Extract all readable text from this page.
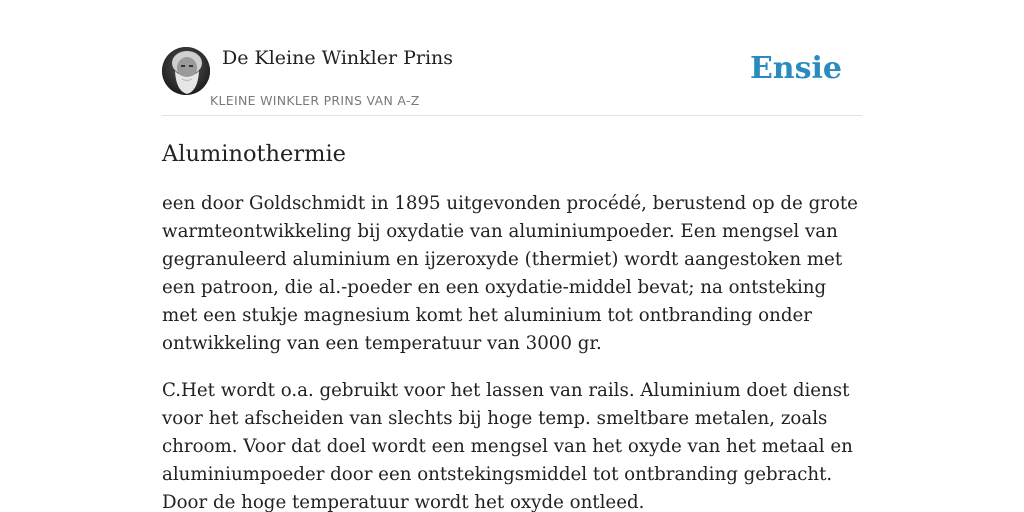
De Kleine Winkler Prins
KLEINE WINKLER PRINS VAN A-Z
Ensie
Aluminothermie

een door Goldschmidt in 1895 uitgevonden procédé, berustend op de grote warmteontwikkeling bij oxydatie van aluminiumpoeder. Een mengsel van gegranuleerd aluminium en ijzeroxyde (thermiet) wordt aangestoken met een patroon, die al.-poeder en een oxydatie-middel bevat; na ontsteking met een stukje magnesium komt het aluminium tot ontbranding onder ontwikkeling van een temperatuur van 3000 gr.

C.Het wordt o.a. gebruikt voor het lassen van rails. Aluminium doet dienst voor het afscheiden van slechts bij hoge temp. smeltbare metalen, zoals chroom. Voor dat doel wordt een mengsel van het oxyde van het metaal en aluminiumpoeder door een ontstekingsmiddel tot ontbranding gebracht. Door de hoge temperatuur wordt het oxyde ontleed.
